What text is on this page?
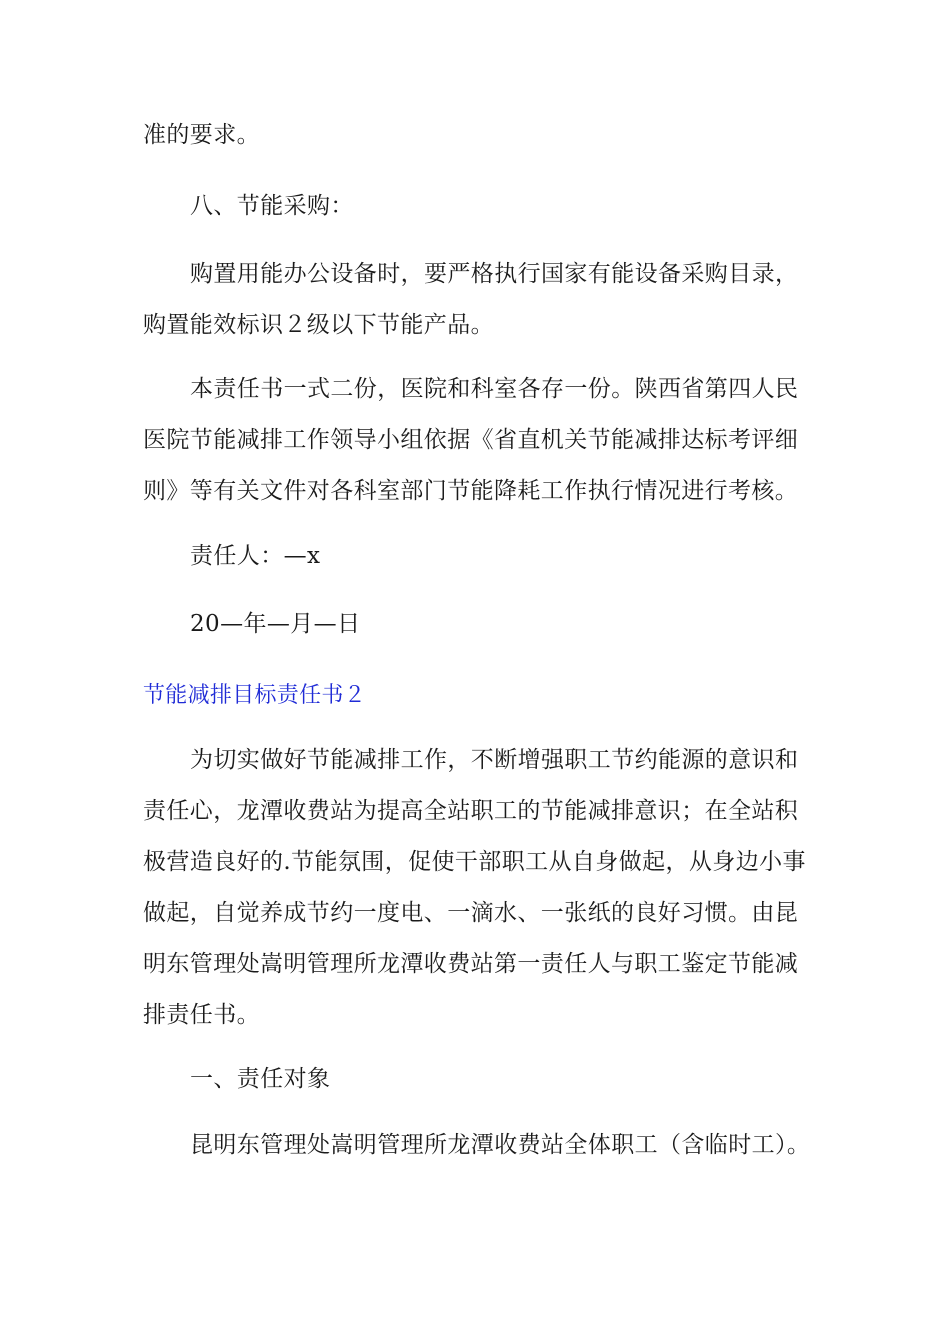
准的要求。

八、节能采购：

购置用能办公设备时，要严格执行国家有能设备采购目录，购置能效标识２级以下节能产品。

本责任书一式二份，医院和科室各存一份。陕西省第四人民医院节能减排工作领导小组依据《省直机关节能减排达标考评细则》等有关文件对各科室部门节能降耗工作执行情况进行考核。

责任人：—x

20—年—月—日

节能减排目标责任书２

为切实做好节能减排工作，不断增强职工节约能源的意识和责任心，龙潭收费站为提高全站职工的节能减排意识；在全站积极营造良好的.节能氛围，促使干部职工从自身做起，从身边小事做起，自觉养成节约一度电、一滴水、一张纸的良好习惯。由昆明东管理处嵩明管理所龙潭收费站第一责任人与职工鉴定节能减排责任书。

一、责任对象

昆明东管理处嵩明管理所龙潭收费站全体职工（含临时工）。
